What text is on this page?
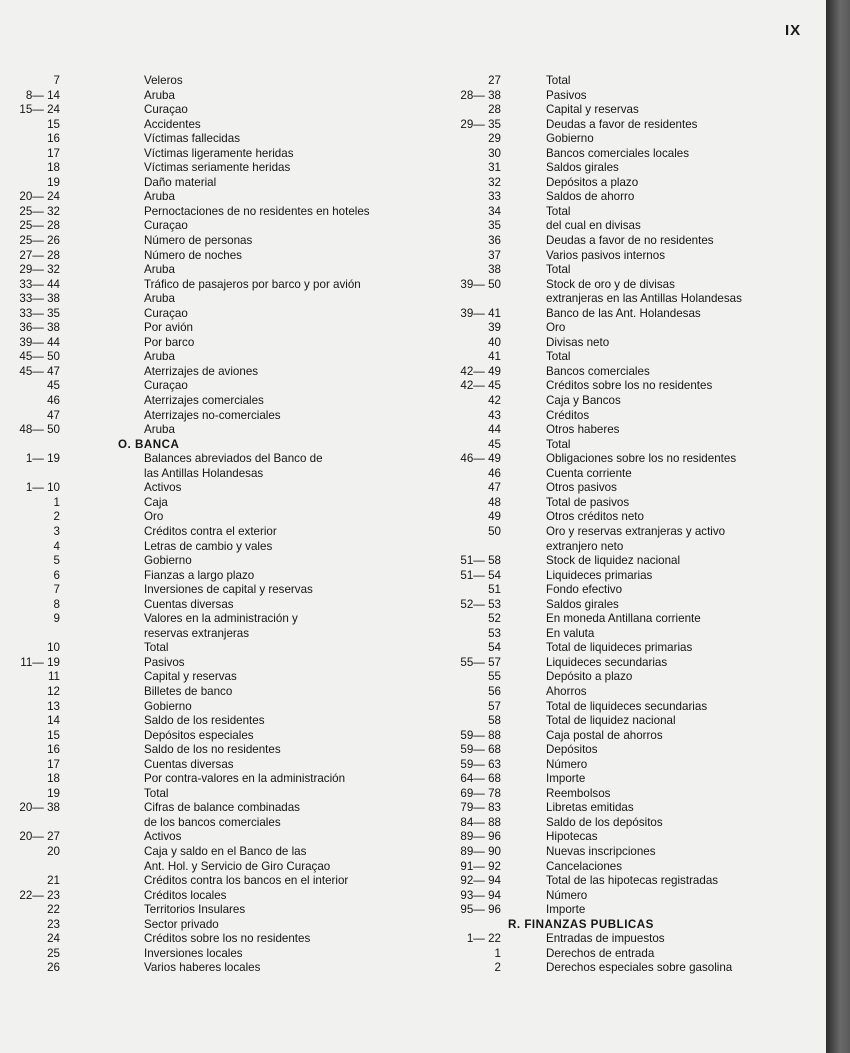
IX
7	Veleros
8— 14	Aruba
15— 24	Curaçao
15	Accidentes
16	Víctimas fallecidas
17	Víctimas ligeramente heridas
18	Víctimas seriamente heridas
19	Daño material
20— 24	Aruba
25— 32	Pernoctaciones de no residentes en hoteles
25— 28	Curaçao
25— 26	Número de personas
27— 28	Número de noches
29— 32	Aruba
33— 44	Tráfico de pasajeros por barco y por avión
33— 38	Aruba
33— 35	Curaçao
36— 38	Por avión
39— 44	Por barco
45— 50	Aruba
45— 47	Aterrizajes de aviones
45	Curaçao
46	Aterrizajes comerciales
47	Aterrizajes no-comerciales
48— 50	Aruba
O. BANCA
1— 19	Balances abreviados del Banco de
las Antillas Holandesas
1— 10	Activos
1	Caja
2	Oro
3	Créditos contra el exterior
4	Letras de cambio y vales
5	Gobierno
6	Fianzas a largo plazo
7	Inversiones de capital y reservas
8	Cuentas diversas
9	Valores en la administración y
reservas extranjeras
10	Total
11— 19	Pasivos
11	Capital y reservas
12	Billetes de banco
13	Gobierno
14	Saldo de los residentes
15	Depósitos especiales
16	Saldo de los no residentes
17	Cuentas diversas
18	Por contra-valores en la administración
19	Total
20— 38	Cifras de balance combinadas
de los bancos comerciales
20— 27	Activos
20	Caja y saldo en el Banco de las
Ant. Hol. y Servicio de Giro Curaçao
21	Créditos contra los bancos en el interior
22— 23	Créditos locales
22	Territorios Insulares
23	Sector privado
24	Créditos sobre los no residentes
25	Inversiones locales
26	Varios haberes locales
27	Total
28— 38	Pasivos
28	Capital y reservas
29— 35	Deudas a favor de residentes
29	Gobierno
30	Bancos comerciales locales
31	Saldos girales
32	Depósitos a plazo
33	Saldos de ahorro
34	Total
35	del cual en divisas
36	Deudas a favor de no residentes
37	Varios pasivos internos
38	Total
39— 50	Stock de oro y de divisas
extranjeras en las Antillas Holandesas
39— 41	Banco de las Ant. Holandesas
39	Oro
40	Divisas neto
41	Total
42— 49	Bancos comerciales
42— 45	Créditos sobre los no residentes
42	Caja y Bancos
43	Créditos
44	Otros haberes
45	Total
46— 49	Obligaciones sobre los no residentes
46	Cuenta corriente
47	Otros pasivos
48	Total de pasivos
49	Otros créditos neto
50	Oro y reservas extranjeras y activo
extranjero neto
51— 58	Stock de liquidez nacional
51— 54	Liquideces primarias
51	Fondo efectivo
52— 53	Saldos girales
52	En moneda Antillana corriente
53	En valuta
54	Total de liquideces primarias
55— 57	Liquideces secundarias
55	Depósito a plazo
56	Ahorros
57	Total de liquideces secundarias
58	Total de liquidez nacional
59— 88	Caja postal de ahorros
59— 68	Depósitos
59— 63	Número
64— 68	Importe
69— 78	Reembolsos
79— 83	Libretas emitidas
84— 88	Saldo de los depósitos
89— 96	Hipotecas
89— 90	Nuevas inscripciones
91— 92	Cancelaciones
92— 94	Total de las hipotecas registradas
93— 94	Número
95— 96	Importe
R. FINANZAS PUBLICAS
1— 22	Entradas de impuestos
1	Derechos de entrada
2	Derechos especiales sobre gasolina
